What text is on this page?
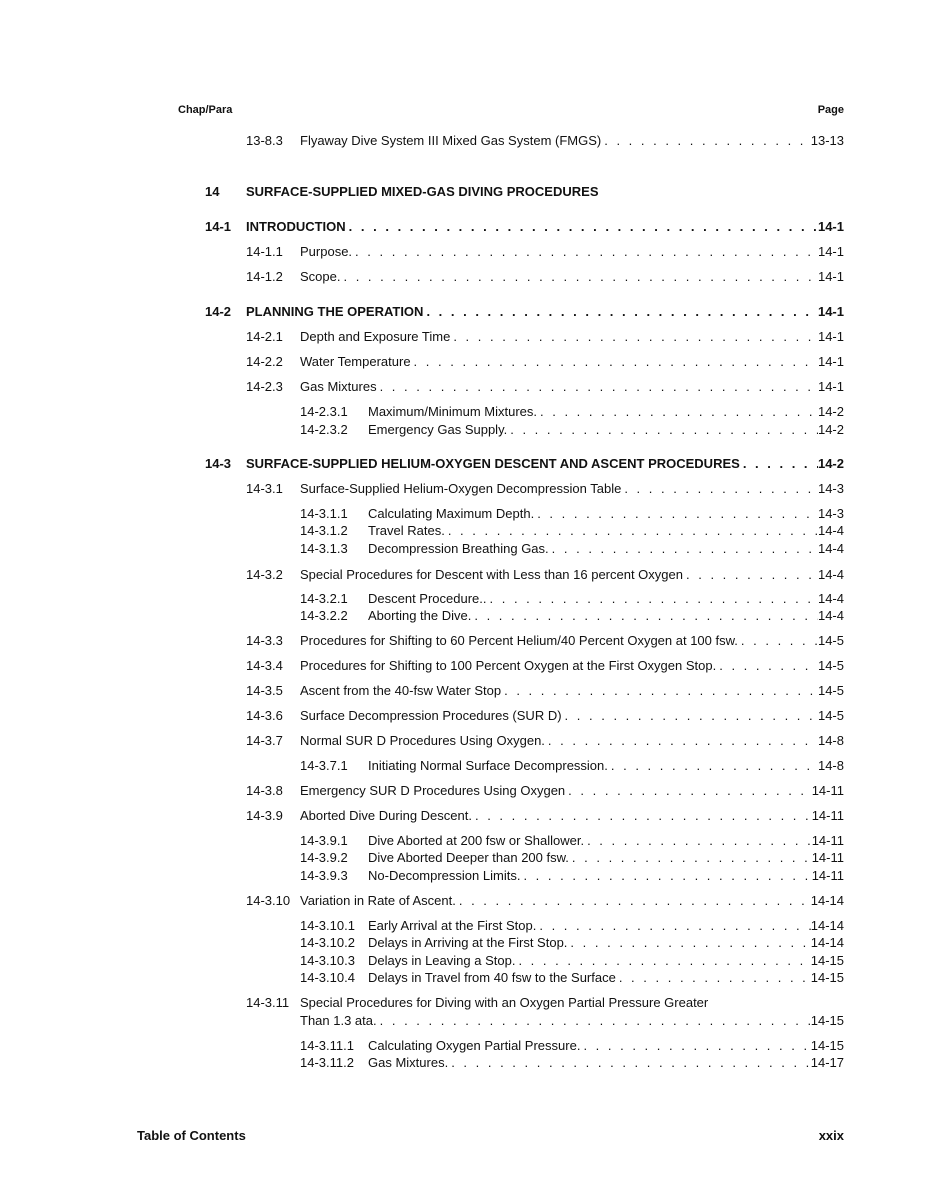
Chap/Para	Page
13-8.3 Flyaway Dive System III Mixed Gas System (FMGS) . . .	13-13
14 SURFACE-SUPPLIED MIXED-GAS DIVING PROCEDURES
14-1 INTRODUCTION . . .	14-1
14-1.1 Purpose. . . .	14-1
14-1.2 Scope. . . .	14-1
14-2 PLANNING THE OPERATION . . .	14-1
14-2.1 Depth and Exposure Time . . .	14-1
14-2.2 Water Temperature . . .	14-1
14-2.3 Gas Mixtures . . .	14-1
14-2.3.1 Maximum/Minimum Mixtures. . . .	14-2
14-2.3.2 Emergency Gas Supply. . . .	14-2
14-3 SURFACE-SUPPLIED HELIUM-OXYGEN DESCENT AND ASCENT PROCEDURES . . .	14-2
14-3.1 Surface-Supplied Helium-Oxygen Decompression Table . . .	14-3
14-3.1.1 Calculating Maximum Depth. . . .	14-3
14-3.1.2 Travel Rates. . . .	14-4
14-3.1.3 Decompression Breathing Gas. . . .	14-4
14-3.2 Special Procedures for Descent with Less than 16 percent Oxygen . . .	14-4
14-3.2.1 Descent Procedure.. . . .	14-4
14-3.2.2 Aborting the Dive. . . .	14-4
14-3.3 Procedures for Shifting to 60 Percent Helium/40 Percent Oxygen at 100 fsw. . . .	14-5
14-3.4 Procedures for Shifting to 100 Percent Oxygen at the First Oxygen Stop. . . .	14-5
14-3.5 Ascent from the 40-fsw Water Stop . . .	14-5
14-3.6 Surface Decompression Procedures (SUR D) . . .	14-5
14-3.7 Normal SUR D Procedures Using Oxygen. . . .	14-8
14-3.7.1 Initiating Normal Surface Decompression. . . .	14-8
14-3.8 Emergency SUR D Procedures Using Oxygen . . .	14-11
14-3.9 Aborted Dive During Descent. . . .	14-11
14-3.9.1 Dive Aborted at 200 fsw or Shallower. . . .	14-11
14-3.9.2 Dive Aborted Deeper than 200 fsw. . . .	14-11
14-3.9.3 No-Decompression Limits. . . .	14-11
14-3.10 Variation in Rate of Ascent. . . .	14-14
14-3.10.1 Early Arrival at the First Stop. . . .	14-14
14-3.10.2 Delays in Arriving at the First Stop. . . .	14-14
14-3.10.3 Delays in Leaving a Stop. . . .	14-15
14-3.10.4 Delays in Travel from 40 fsw to the Surface . . .	14-15
14-3.11 Special Procedures for Diving with an Oxygen Partial Pressure Greater
Than 1.3 ata. . . .	14-15
14-3.11.1 Calculating Oxygen Partial Pressure. . . .	14-15
14-3.11.2 Gas Mixtures. . . .	14-17
Table of Contents	xxix
